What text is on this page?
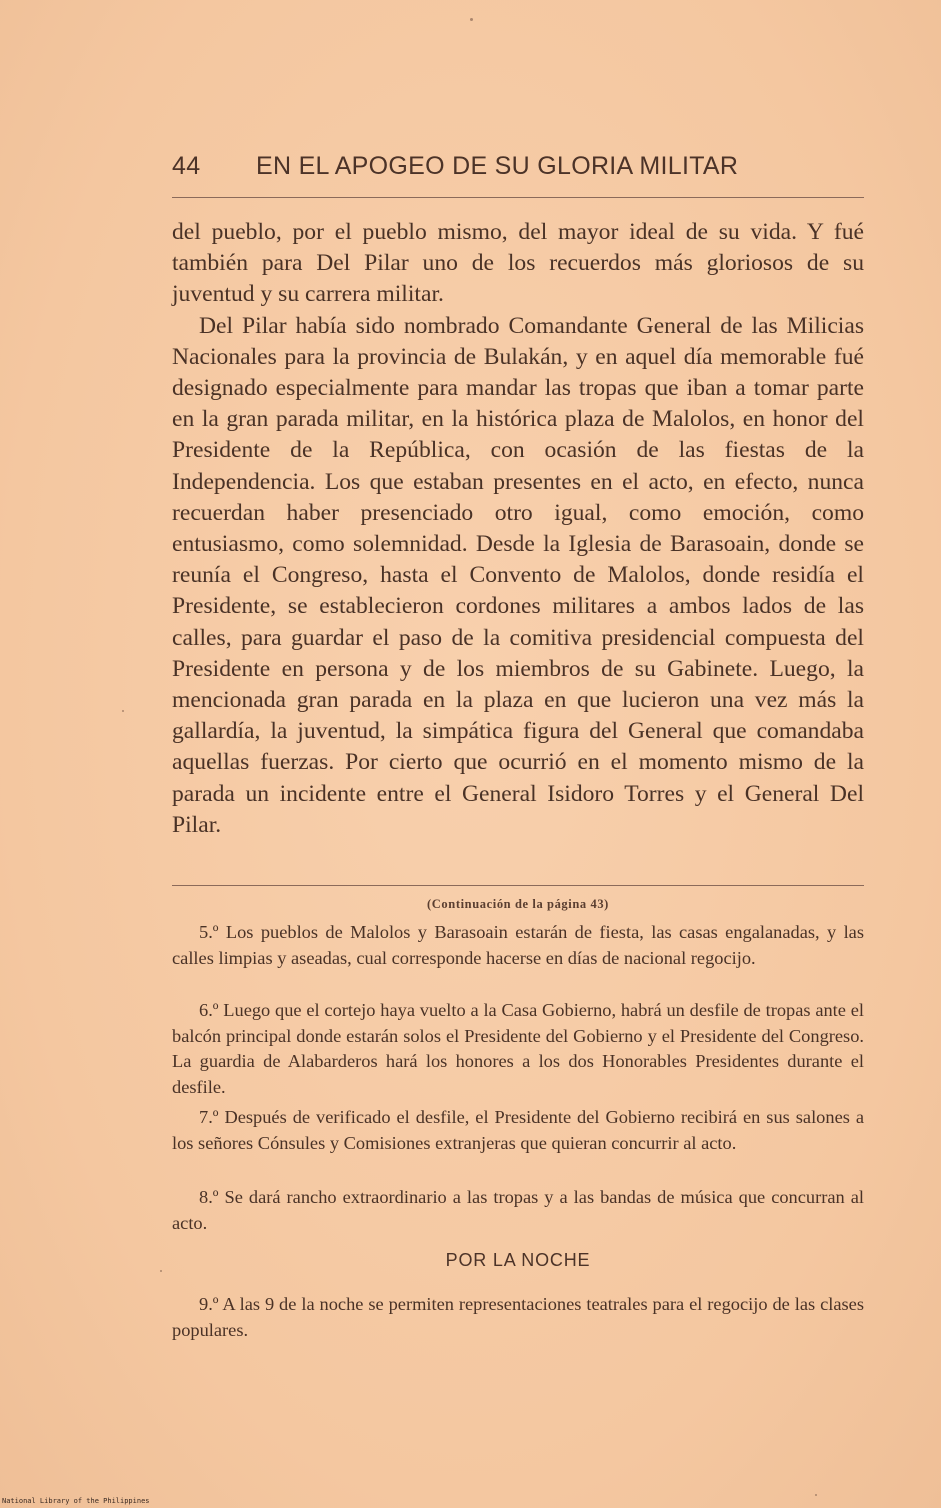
44 EN EL APOGEO DE SU GLORIA MILITAR

del pueblo, por el pueblo mismo, del mayor ideal de su vida. Y fué también para Del Pilar uno de los recuerdos más gloriosos de su juventud y su carrera militar.

Del Pilar había sido nombrado Comandante General de las Milicias Nacionales para la provincia de Bulakán, y en aquel día memorable fué designado especialmente para mandar las tropas que iban a tomar parte en la gran parada militar, en la histórica plaza de Malolos, en honor del Presidente de la República, con ocasión de las fiestas de la Independencia. Los que estaban presentes en el acto, en efecto, nunca recuerdan haber presenciado otro igual, como emoción, como entusiasmo, como solemnidad. Desde la Iglesia de Barasoain, donde se reunía el Congreso, hasta el Convento de Malolos, donde residía el Presidente, se establecieron cordones militares a ambos lados de las calles, para guardar el paso de la comitiva presidencial compuesta del Presidente en persona y de los miembros de su Gabinete. Luego, la mencionada gran parada en la plaza en que lucieron una vez más la gallardía, la juventud, la simpática figura del General que comandaba aquellas fuerzas. Por cierto que ocurrió en el momento mismo de la parada un incidente entre el General Isidoro Torres y el General Del Pilar.

(Continuación de la página 43)

5.º Los pueblos de Malolos y Barasoain estarán de fiesta, las casas engalanadas, y las calles limpias y aseadas, cual corresponde hacerse en días de nacional regocijo.

6.º Luego que el cortejo haya vuelto a la Casa Gobierno, habrá un desfile de tropas ante el balcón principal donde estarán solos el Presidente del Gobierno y el Presidente del Congreso. La guardia de Alabarderos hará los honores a los dos Honorables Presidentes durante el desfile.

7.º Después de verificado el desfile, el Presidente del Gobierno recibirá en sus salones a los señores Cónsules y Comisiones extranjeras que quieran concurrir al acto.

8.º Se dará rancho extraordinario a las tropas y a las bandas de música que concurran al acto.

POR LA NOCHE

9.º A las 9 de la noche se permiten representaciones teatrales para el regocijo de las clases populares.

National Library of the Philippines
